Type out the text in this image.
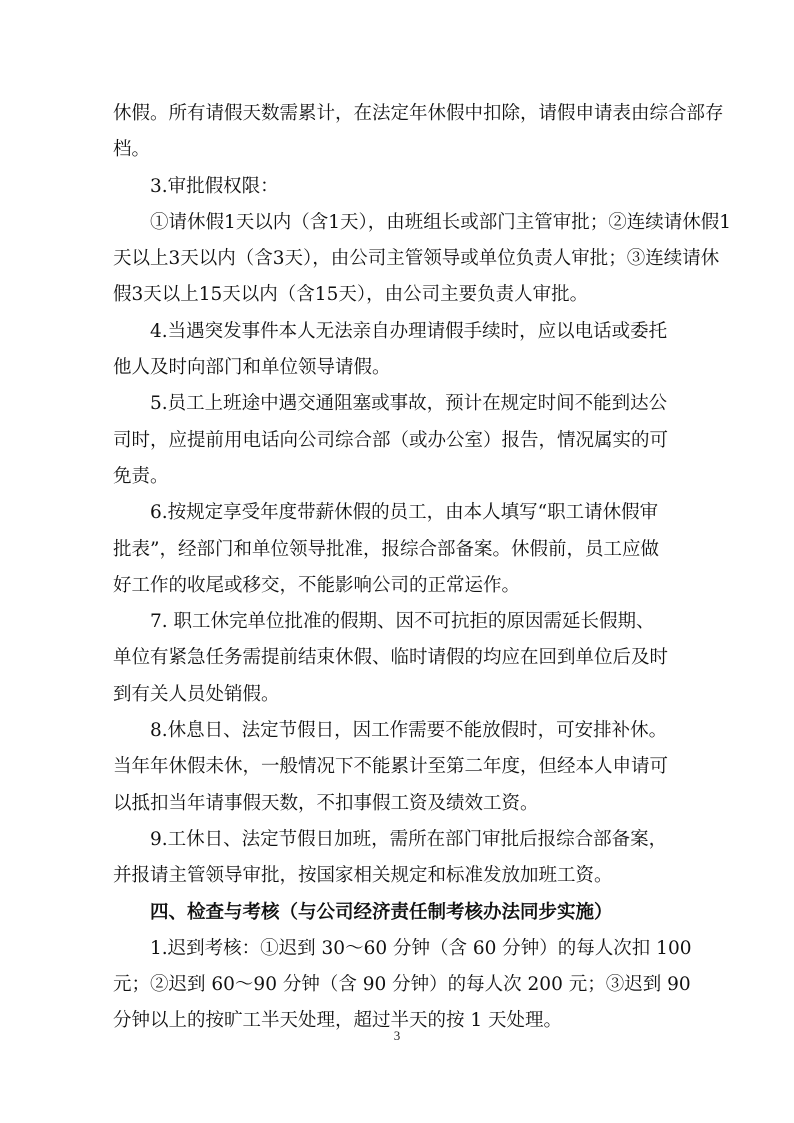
休假。所有请假天数需累计，在法定年休假中扣除，请假申请表由综合部存

档。

3.审批假权限：

①请休假1天以内（含1天），由班组长或部门主管审批；②连续请休假1

天以上3天以内（含3天），由公司主管领导或单位负责人审批；③连续请休

假3天以上15天以内（含15天），由公司主要负责人审批。

4.当遇突发事件本人无法亲自办理请假手续时，应以电话或委托

他人及时向部门和单位领导请假。

5.员工上班途中遇交通阻塞或事故，预计在规定时间不能到达公

司时，应提前用电话向公司综合部（或办公室）报告，情况属实的可

免责。

6.按规定享受年度带薪休假的员工，由本人填写“职工请休假审

批表”，经部门和单位领导批准，报综合部备案。休假前，员工应做

好工作的收尾或移交，不能影响公司的正常运作。

7. 职工休完单位批准的假期、因不可抗拒的原因需延长假期、

单位有紧急任务需提前结束休假、临时请假的均应在回到单位后及时

到有关人员处销假。

8.休息日、法定节假日，因工作需要不能放假时，可安排补休。

当年年休假未休，一般情况下不能累计至第二年度，但经本人申请可

以抵扣当年请事假天数，不扣事假工资及绩效工资。

9.工休日、法定节假日加班，需所在部门审批后报综合部备案，

并报请主管领导审批，按国家相关规定和标准发放加班工资。

四、检查与考核（与公司经济责任制考核办法同步实施）

1.迟到考核：①迟到 30～60 分钟（含 60 分钟）的每人次扣 100

元；②迟到 60～90 分钟（含 90 分钟）的每人次 200 元；③迟到 90

分钟以上的按旷工半天处理，超过半天的按 1 天处理。

3
